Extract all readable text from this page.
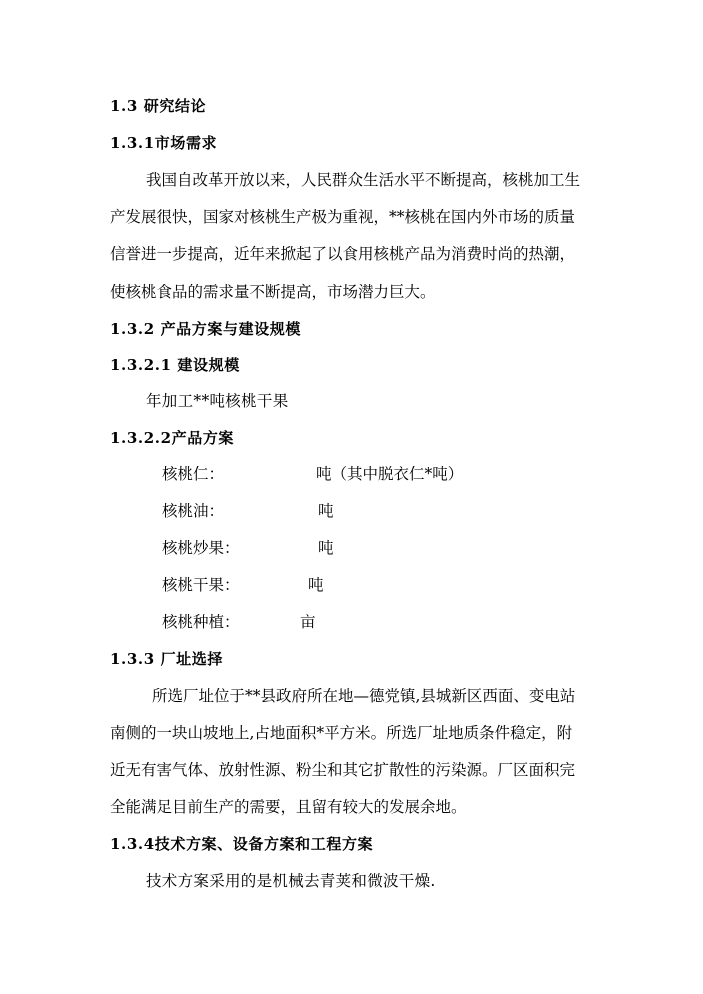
1.3 研究结论
1.3.1市场需求
我国自改革开放以来，人民群众生活水平不断提高，核桃加工生
产发展很快，国家对核桃生产极为重视，**核桃在国内外市场的质量
信誉进一步提高，近年来掀起了以食用核桃产品为消费时尚的热潮，
使核桃食品的需求量不断提高，市场潜力巨大。
1.3.2 产品方案与建设规模
1.3.2.1 建设规模
年加工**吨核桃干果
1.3.2.2产品方案
核桃仁：	吨（其中脱衣仁*吨）
核桃油：	吨
核桃炒果：	吨
核桃干果：	吨
核桃种植：	亩
1.3.3 厂址选择
所选厂址位于**县政府所在地—德党镇,县城新区西面、变电站
南侧的一块山坡地上,占地面积*平方米。所选厂址地质条件稳定，附
近无有害气体、放射性源、粉尘和其它扩散性的污染源。厂区面积完
全能满足目前生产的需要，且留有较大的发展余地。
1.3.4技术方案、设备方案和工程方案
技术方案采用的是机械去青荚和微波干燥.
